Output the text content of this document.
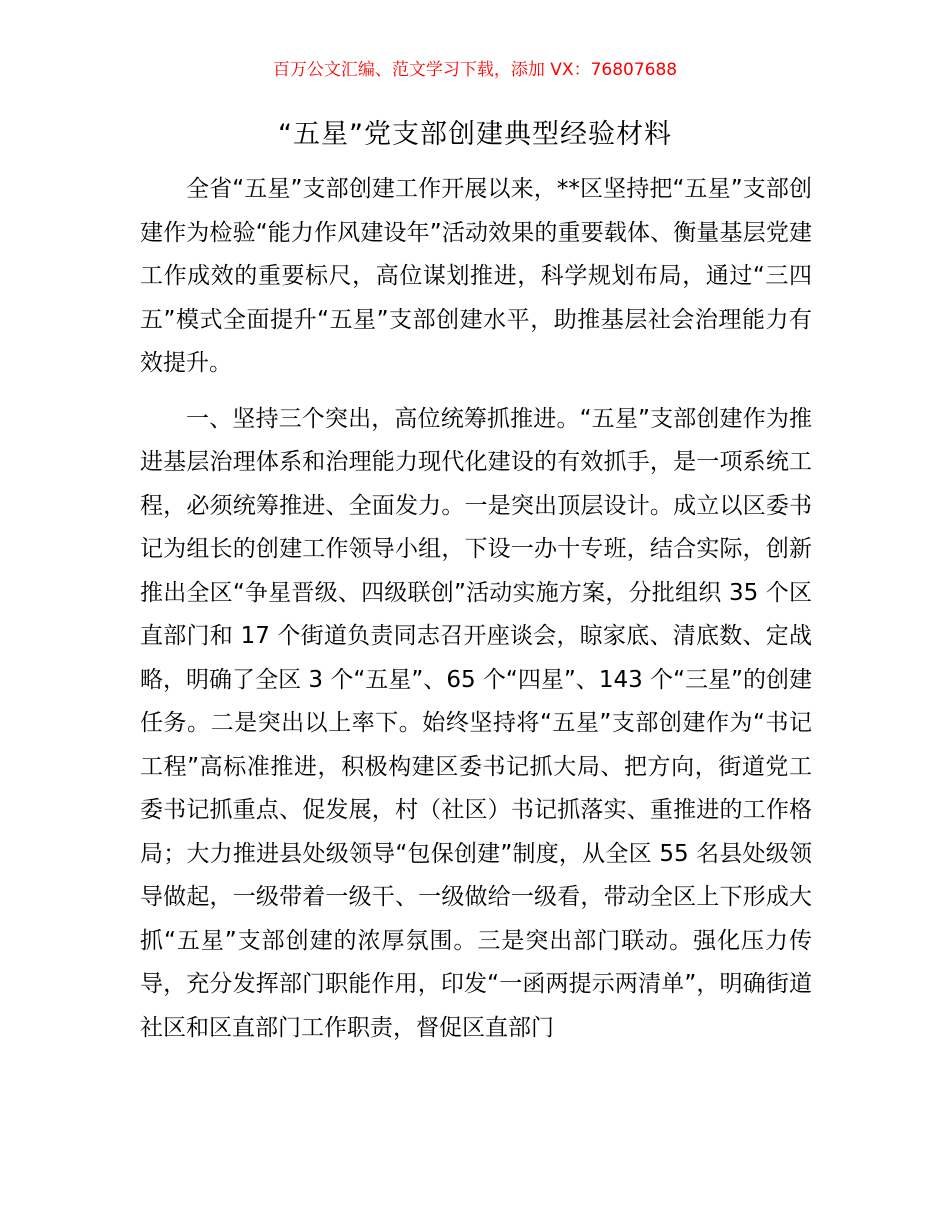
百万公文汇编、范文学习下载，添加 VX：76807688
“五星”党支部创建典型经验材料

全省“五星”支部创建工作开展以来，**区坚持把“五星”支部创建作为检验“能力作风建设年”活动效果的重要载体、衡量基层党建工作成效的重要标尺，高位谋划推进，科学规划布局，通过“三四五”模式全面提升“五星”支部创建水平，助推基层社会治理能力有效提升。

一、坚持三个突出，高位统筹抓推进。“五星”支部创建作为推进基层治理体系和治理能力现代化建设的有效抓手，是一项系统工程，必须统筹推进、全面发力。一是突出顶层设计。成立以区委书记为组长的创建工作领导小组，下设一办十专班，结合实际，创新推出全区“争星晋级、四级联创”活动实施方案，分批组织 35 个区直部门和 17 个街道负责同志召开座谈会，晾家底、清底数、定战略，明确了全区 3 个“五星”、65 个“四星”、143 个“三星”的创建任务。二是突出以上率下。始终坚持将“五星”支部创建作为“书记工程”高标准推进，积极构建区委书记抓大局、把方向，街道党工委书记抓重点、促发展，村（社区）书记抓落实、重推进的工作格局；大力推进县处级领导“包保创建”制度，从全区 55 名县处级领导做起，一级带着一级干、一级做给一级看，带动全区上下形成大抓“五星”支部创建的浓厚氛围。三是突出部门联动。强化压力传导，充分发挥部门职能作用，印发“一函两提示两清单”，明确街道社区和区直部门工作职责，督促区直部门
